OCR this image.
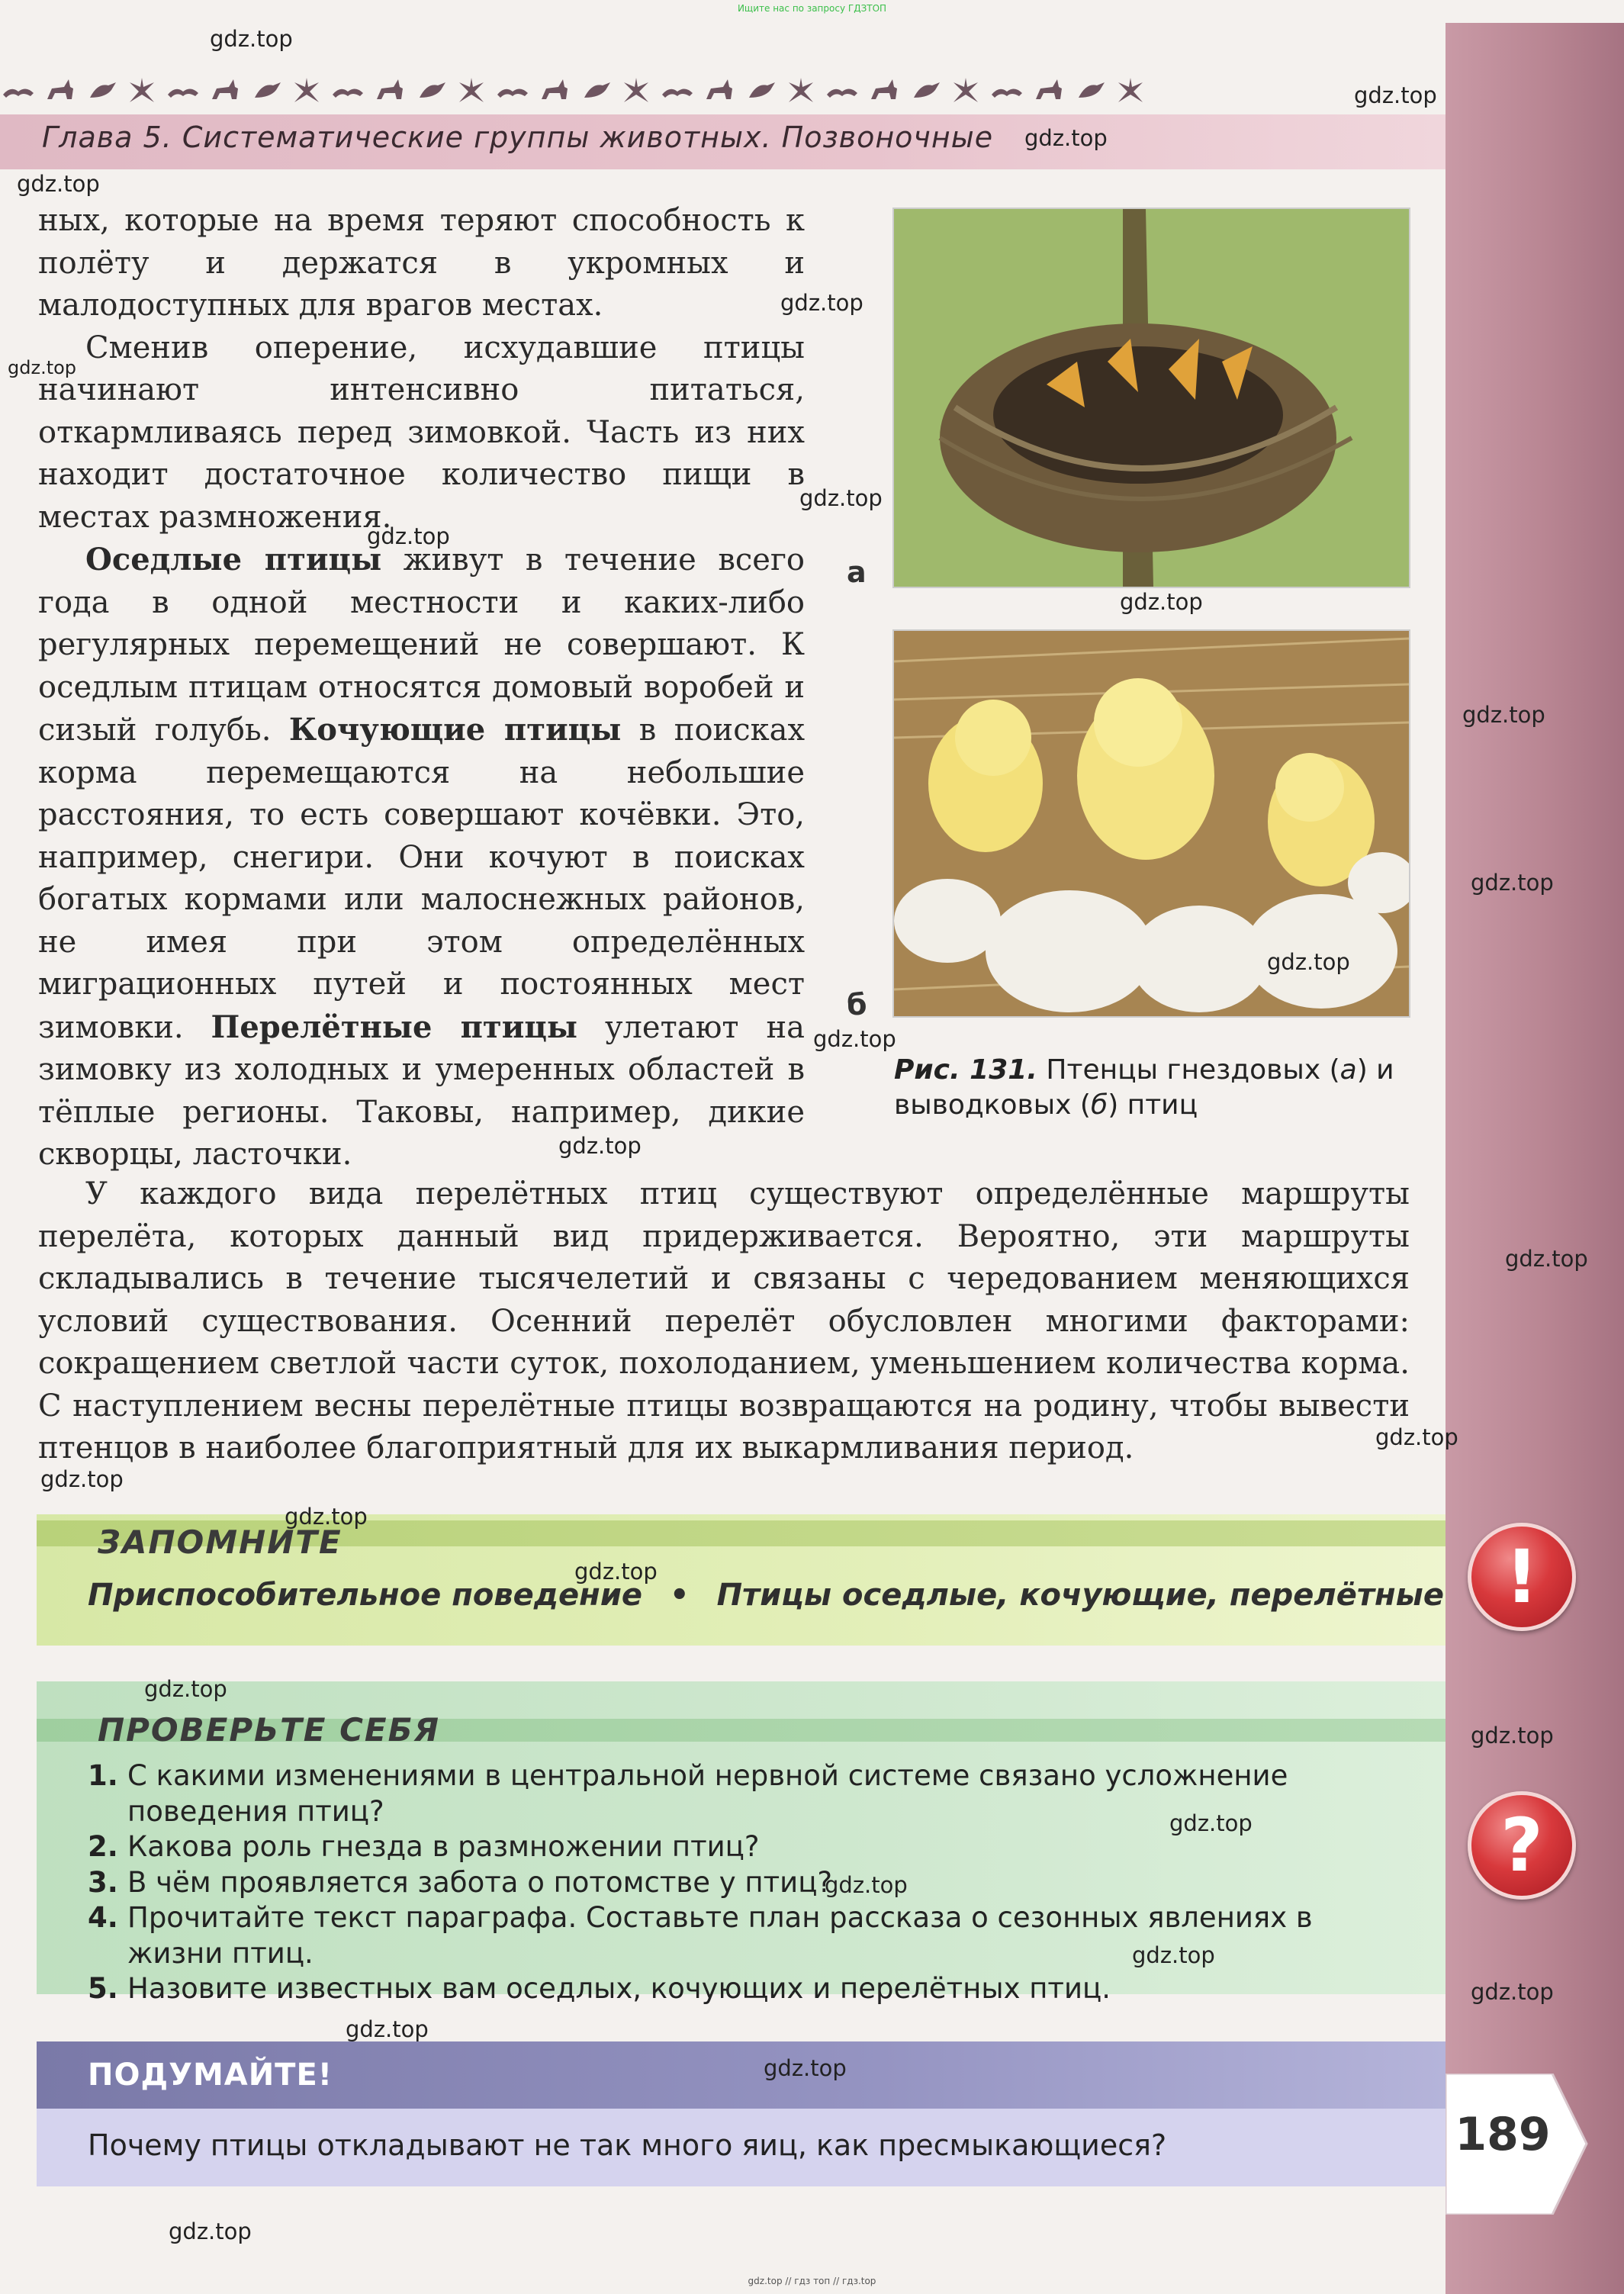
Ищите нас по запросу ГДЗТОП
Глава 5. Систематические группы животных. Позвоночные

ных, которые на время теряют способность к полёту и держатся в укромных и малодоступных для врагов местах.

Сменив оперение, исхудавшие птицы начинают интенсивно питаться, откармливаясь перед зимовкой. Часть из них находит достаточное количество пищи в местах размножения.

Оседлые птицы живут в течение всего года в одной местности и каких-либо регулярных перемещений не совершают. К оседлым птицам относятся домовый воробей и сизый голубь. Кочующие птицы в поисках корма перемещаются на небольшие расстояния, то есть совершают кочёвки. Это, например, снегири. Они кочуют в поисках богатых кормами или малоснежных районов, не имея при этом определённых миграционных путей и постоянных мест зимовки. Перелётные птицы улетают на зимовку из холодных и умеренных областей в тёплые регионы. Таковы, например, дикие скворцы, ласточки.

а
б
Рис. 131. Птенцы гнездовых (а) и выводковых (б) птиц

У каждого вида перелётных птиц существуют определённые маршруты перелёта, которых данный вид придерживается. Вероятно, эти маршруты складывались в течение тысячелетий и связаны с чередованием меняющихся условий существования. Осенний перелёт обусловлен многими факторами: сокращением светлой части суток, похолоданием, уменьшением количества корма. С наступлением весны перелётные птицы возвращаются на родину, чтобы вывести птенцов в наиболее благоприятный для их выкармливания период.

ЗАПОМНИТЕ
Приспособительное поведение • Птицы оседлые, кочующие, перелётные !
ПРОВЕРЬТЕ СЕБЯ
1. С какими изменениями в центральной нервной системе связано усложнение поведения птиц?
2. Какова роль гнезда в размножении птиц?
3. В чём проявляется забота о потомстве у птиц?
4. Прочитайте текст параграфа. Составьте план рассказа о сезонных явлениях в жизни птиц.
5. Назовите известных вам оседлых, кочующих и перелётных птиц.
?
ПОДУМАЙТЕ!
Почему птицы откладывают не так много яиц, как пресмыкающиеся?	189
gdz.top
gdz.top
gdz.top
gdz.top
gdz.top
gdz.top
gdz.top
gdz.top
gdz.top
gdz.top
gdz.top
gdz.top
gdz.top
gdz.top
gdz.top
gdz.top
gdz.top
gdz.top
gdz.top
gdz.top
gdz.top
gdz.top
gdz.top
gdz.top
gdz.top
gdz.top
gdz.top
gdz.top
gdz.top // гдз топ // гдз.top
